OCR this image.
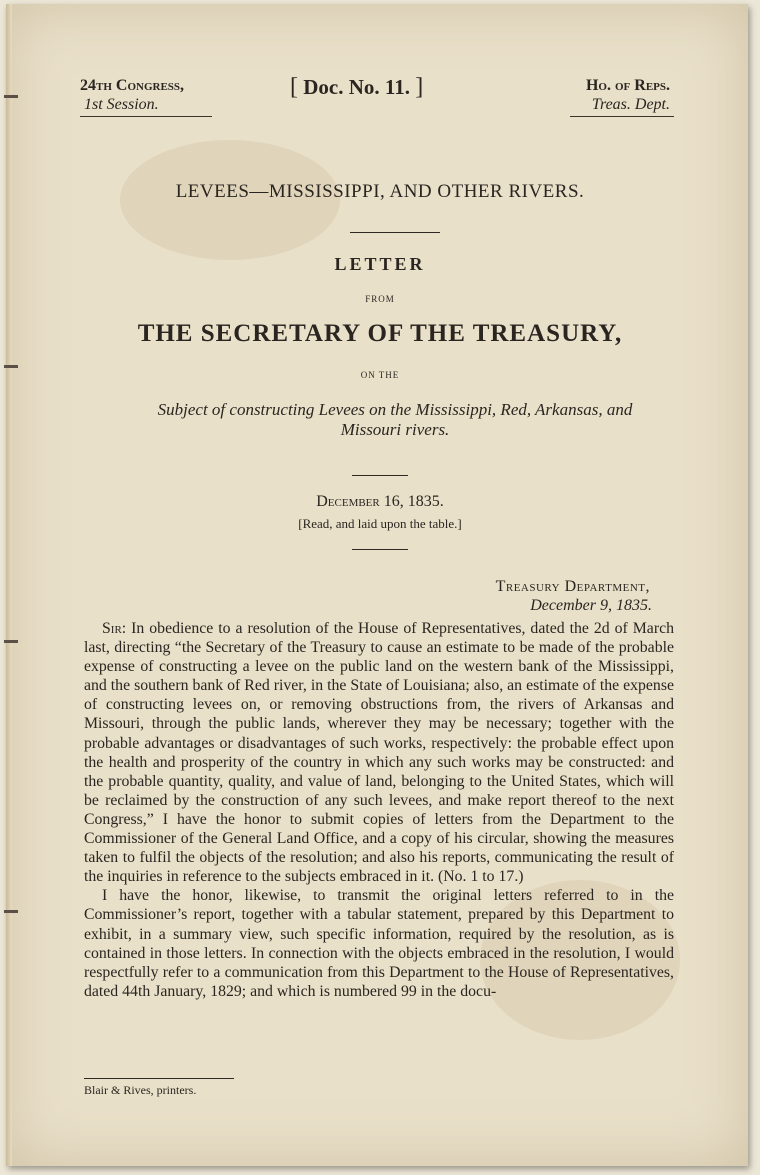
24th Congress,
1st Session.
[ Doc. No. 11. ]	Ho. of Reps.
Treas. Dept.
LEVEES—MISSISSIPPI, AND OTHER RIVERS.
LETTER
FROM
THE SECRETARY OF THE TREASURY,
ON THE
Subject of constructing Levees on the Mississippi, Red, Arkansas, and
Missouri rivers.
December 16, 1835.
[Read, and laid upon the table.]
Treasury Department,
December 9, 1835.

Sir: In obedience to a resolution of the House of Representatives, dated the 2d of March last, directing “the Secretary of the Treasury to cause an estimate to be made of the probable expense of constructing a levee on the public land on the western bank of the Mississippi, and the southern bank of Red river, in the State of Louisiana; also, an estimate of the expense of constructing levees on, or removing obstructions from, the rivers of Arkansas and Missouri, through the public lands, wherever they may be necessary; together with the probable advantages or disadvantages of such works, respectively: the probable effect upon the health and prosperity of the country in which any such works may be constructed: and the probable quantity, quality, and value of land, belonging to the United States, which will be reclaimed by the construction of any such levees, and make report thereof to the next Congress,” I have the honor to submit copies of letters from the Department to the Commissioner of the General Land Office, and a copy of his circular, showing the measures taken to fulfil the objects of the resolution; and also his reports, communicating the result of the inquiries in reference to the subjects embraced in it. (No. 1 to 17.)

I have the honor, likewise, to transmit the original letters referred to in the Commissioner’s report, together with a tabular statement, prepared by this Department to exhibit, in a summary view, such specific information, required by the resolution, as is contained in those letters. In connection with the objects embraced in the resolution, I would respectfully refer to a communication from this Department to the House of Representatives, dated 44th January, 1829; and which is numbered 99 in the docu-

Blair & Rives, printers.
